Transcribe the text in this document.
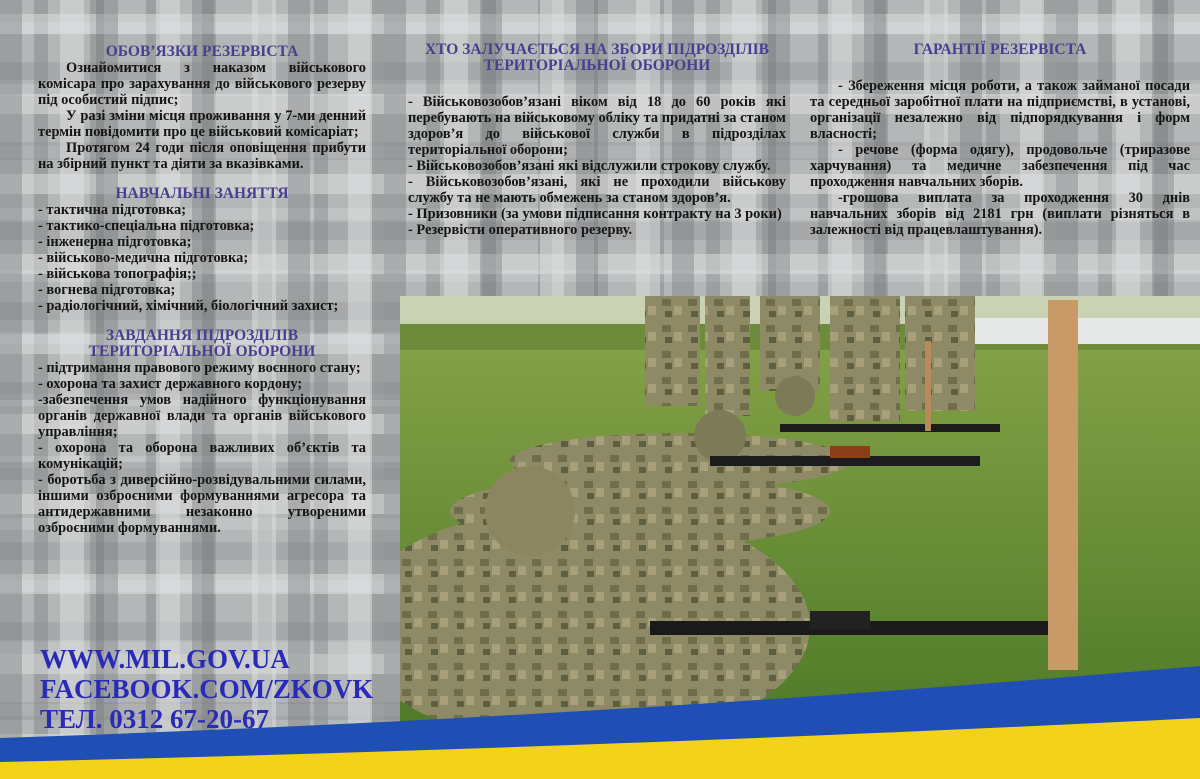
ОБОВ’ЯЗКИ РЕЗЕРВІСТА

Ознайомитися з наказом військового комісара про зарахування до військового резерву під особистий підпис;

У разі зміни місця проживання у 7-ми денний термін повідомити про це військовий комісаріат;

Протягом 24 годи після оповіщення прибути на збірний пункт та діяти за вказівками.

НАВЧАЛЬНІ ЗАНЯТТЯ

- тактична підготовка;

- тактико-спеціальна підготовка;

- інженерна підготовка;

- військово-медична підготовка;

- військова топографія;;

- вогнева підготовка;

- радіологічний, хімічний, біологічний захист;

ЗАВДАННЯ ПІДРОЗДІЛІВ
ТЕРИТОРІАЛЬНОЇ ОБОРОНИ

- підтримання правового режиму воєнного стану;

- охорона та захист державного кордону;

-забезпечення умов надійного функціонування органів державної влади та органів військового управління;

- охорона та оборона важливих об’єктів та комунікацій;

- боротьба з диверсійно-розвідувальними силами, іншими озброєними формуваннями агресора та антидержавними незаконно утвореними озброєними формуваннями.

WWW.MIL.GOV.UA
FACEBOOK.COM/ZKOVK
ТЕЛ. 0312 67-20-67
ХТО ЗАЛУЧАЄТЬСЯ НА ЗБОРИ ПІДРОЗДІЛІВ
ТЕРИТОРІАЛЬНОЇ ОБОРОНИ

- Військовозобов’язані віком від 18 до 60 років які перебувають на військовому обліку та придатні за станом здоров’я до військової служби в підрозділах територіальної оборони;

- Військовозобов’язані які відслужили строкову службу.

- Військовозобов’язані, які не проходили військову службу та не мають обмежень за станом здоров’я.

- Призовники (за умови підписання контракту на 3 роки)

- Резервісти оперативного резерву.

ГАРАНТІЇ РЕЗЕРВІСТА

- Збереження місця роботи, а також займаної посади та середньої заробітної плати на підприємстві, в установі, організації незалежно від підпорядкування і форм власності;

- речове (форма одягу), продовольче (триразове харчування) та медичне забезпечення під час проходження навчальних зборів.

-грошова виплата за проходження 30 днів навчальних зборів від 2181 грн (виплати різняться в залежності від працевлаштування).
